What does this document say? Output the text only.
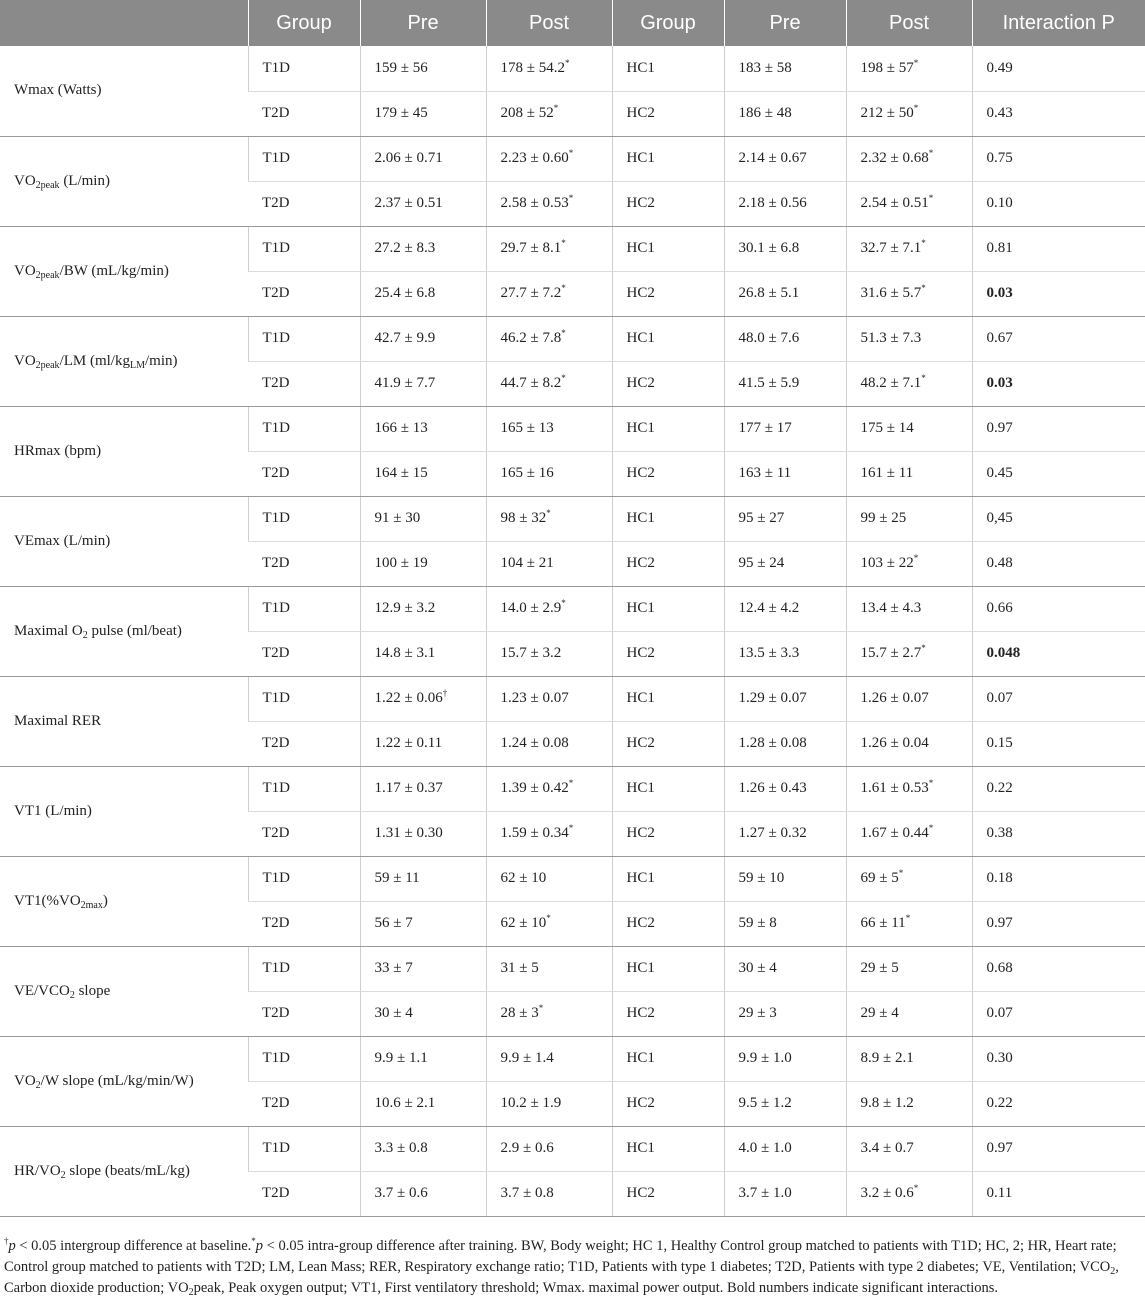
	Group	Pre	Post	Group	Pre	Post	Interaction P
Wmax (Watts)	T1D	159 ± 56	178 ± 54.2*	HC1	183 ± 58	198 ± 57*	0.49
	T2D	179 ± 45	208 ± 52*	HC2	186 ± 48	212 ± 50*	0.43
$VO_{2peak}$ (L/min)	T1D	2.06 ± 0.71	2.23 ± 0.60*	HC1	2.14 ± 0.67	2.32 ± 0.68*	0.75
	T2D	2.37 ± 0.51	2.58 ± 0.53*	HC2	2.18 ± 0.56	2.54 ± 0.51*	0.10
$VO_{2peak}/BW$ (mL/kg/min)	T1D	27.2 ± 8.3	29.7 ± 8.1*	HC1	30.1 ± 6.8	32.7 ± 7.1*	0.81
	T2D	25.4 ± 6.8	27.7 ± 7.2*	HC2	26.8 ± 5.1	31.6 ± 5.7*	0.03
$VO_{2peak}/LM$ $(ml/kg_{LM}/\min)$	T1D	42.7 ± 9.9	46.2 ± 7.8*	HC1	48.0 ± 7.6	51.3 ± 7.3	0.67
	T2D	41.9 ± 7.7	44.7 ± 8.2*	HC2	41.5 ± 5.9	48.2 ± 7.1*	0.03
HRmax (bpm)	T1D	166 ± 13	165 ± 13	HC1	177 ± 17	175 ± 14	0.97
	T2D	164 ± 15	165 ± 16	HC2	163 ± 11	161 ± 11	0.45
VEmax (L/min)	T1D	91 ± 30	98 ± 32*	HC1	95 ± 27	99 ± 25	0,45
	T2D	100 ± 19	104 ± 21	HC2	95 ± 24	103 ± 22*	0.48
Maximal $O_2$ pulse (ml/beat)	T1D	12.9 ± 3.2	14.0 ± 2.9*	HC1	12.4 ± 4.2	13.4 ± 4.3	0.66
	T2D	14.8 ± 3.1	15.7 ± 3.2	HC2	13.5 ± 3.3	15.7 ± 2.7*	0.048
Maximal RER	T1D	1.22 ± 0.06†	1.23 ± 0.07	HC1	1.29 ± 0.07	1.26 ± 0.07	0.07
	T2D	1.22 ± 0.11	1.24 ± 0.08	HC2	1.28 ± 0.08	1.26 ± 0.04	0.15
VT1 (L/min)	T1D	1.17 ± 0.37	1.39 ± 0.42*	HC1	1.26 ± 0.43	1.61 ± 0.53*	0.22
	T2D	1.31 ± 0.30	1.59 ± 0.34*	HC2	1.27 ± 0.32	1.67 ± 0.44*	0.38
$VT1(\%VO_{2max})$	T1D	59 ± 11	62 ± 10	HC1	59 ± 10	69 ± 5*	0.18
	T2D	56 ± 7	62 ± 10*	HC2	59 ± 8	66 ± 11*	0.97
$VE/VCO_2$ slope	T1D	33 ± 7	31 ± 5	HC1	30 ± 4	29 ± 5	0.68
	T2D	30 ± 4	28 ± 3*	HC2	29 ± 3	29 ± 4	0.07
$VO_2/W$ slope (mL/kg/min/W)	T1D	9.9 ± 1.1	9.9 ± 1.4	HC1	9.9 ± 1.0	8.9 ± 2.1	0.30
	T2D	10.6 ± 2.1	10.2 ± 1.9	HC2	9.5 ± 1.2	9.8 ± 1.2	0.22
$HR/VO_2$ slope (beats/mL/kg)	T1D	3.3 ± 0.8	2.9 ± 0.6	HC1	4.0 ± 1.0	3.4 ± 0.7	0.97
	T2D	3.7 ± 0.6	3.7 ± 0.8	HC2	3.7 ± 1.0	3.2 ± 0.6*	0.11
†p < 0.05 intergroup difference at baseline.*p < 0.05 intra-group difference after training. BW, Body weight; HC 1, Healthy Control group matched to patients with T1D; HC, 2; HR, Heart rate; Control group matched to patients with T2D; LM, Lean Mass; RER, Respiratory exchange ratio; T1D, Patients with type 1 diabetes; T2D, Patients with type 2 diabetes; VE, Ventilation; $VCO_2$, Carbon dioxide production; $VO_2peak$, Peak oxygen output; VT1, First ventilatory threshold; Wmax. maximal power output. Bold numbers indicate significant interactions.
